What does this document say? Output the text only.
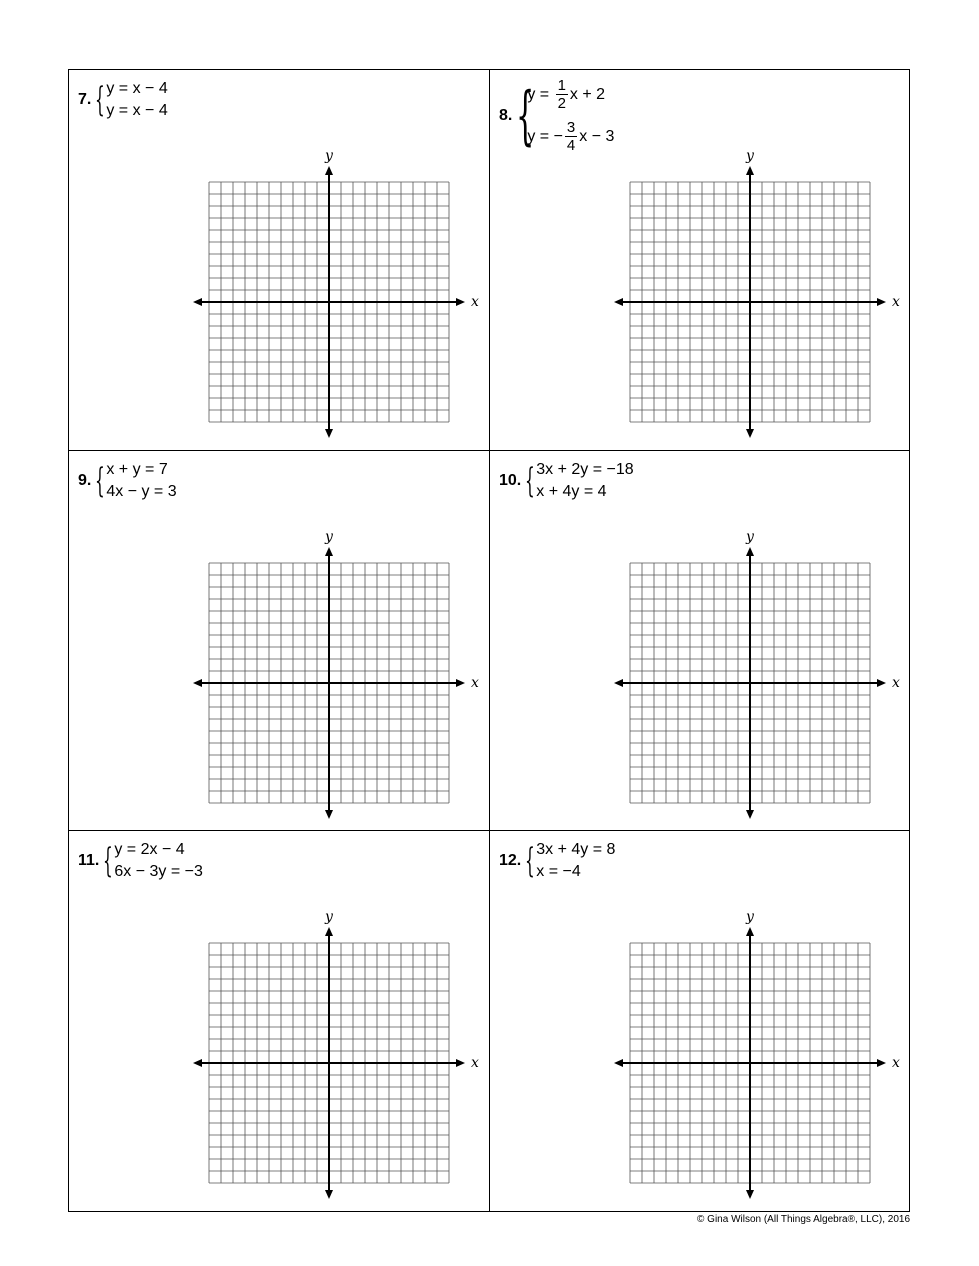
7. { y = x − 4
y = x − 4
x
y
8. {
$y = \frac{1}{2}$ x + 2
y = − $\frac{3}{4}$ x − 3
x
y
9. { x + y = 7
4x − y = 3
x
y
10. { 3x + 2y = −18
x + 4y = 4
x
y
11. { y = 2x − 4
6x − 3y = −3
x
y
12. { 3x + 4y = 8
x = −4
x
y
© Gina Wilson (All Things Algebra®, LLC), 2016
